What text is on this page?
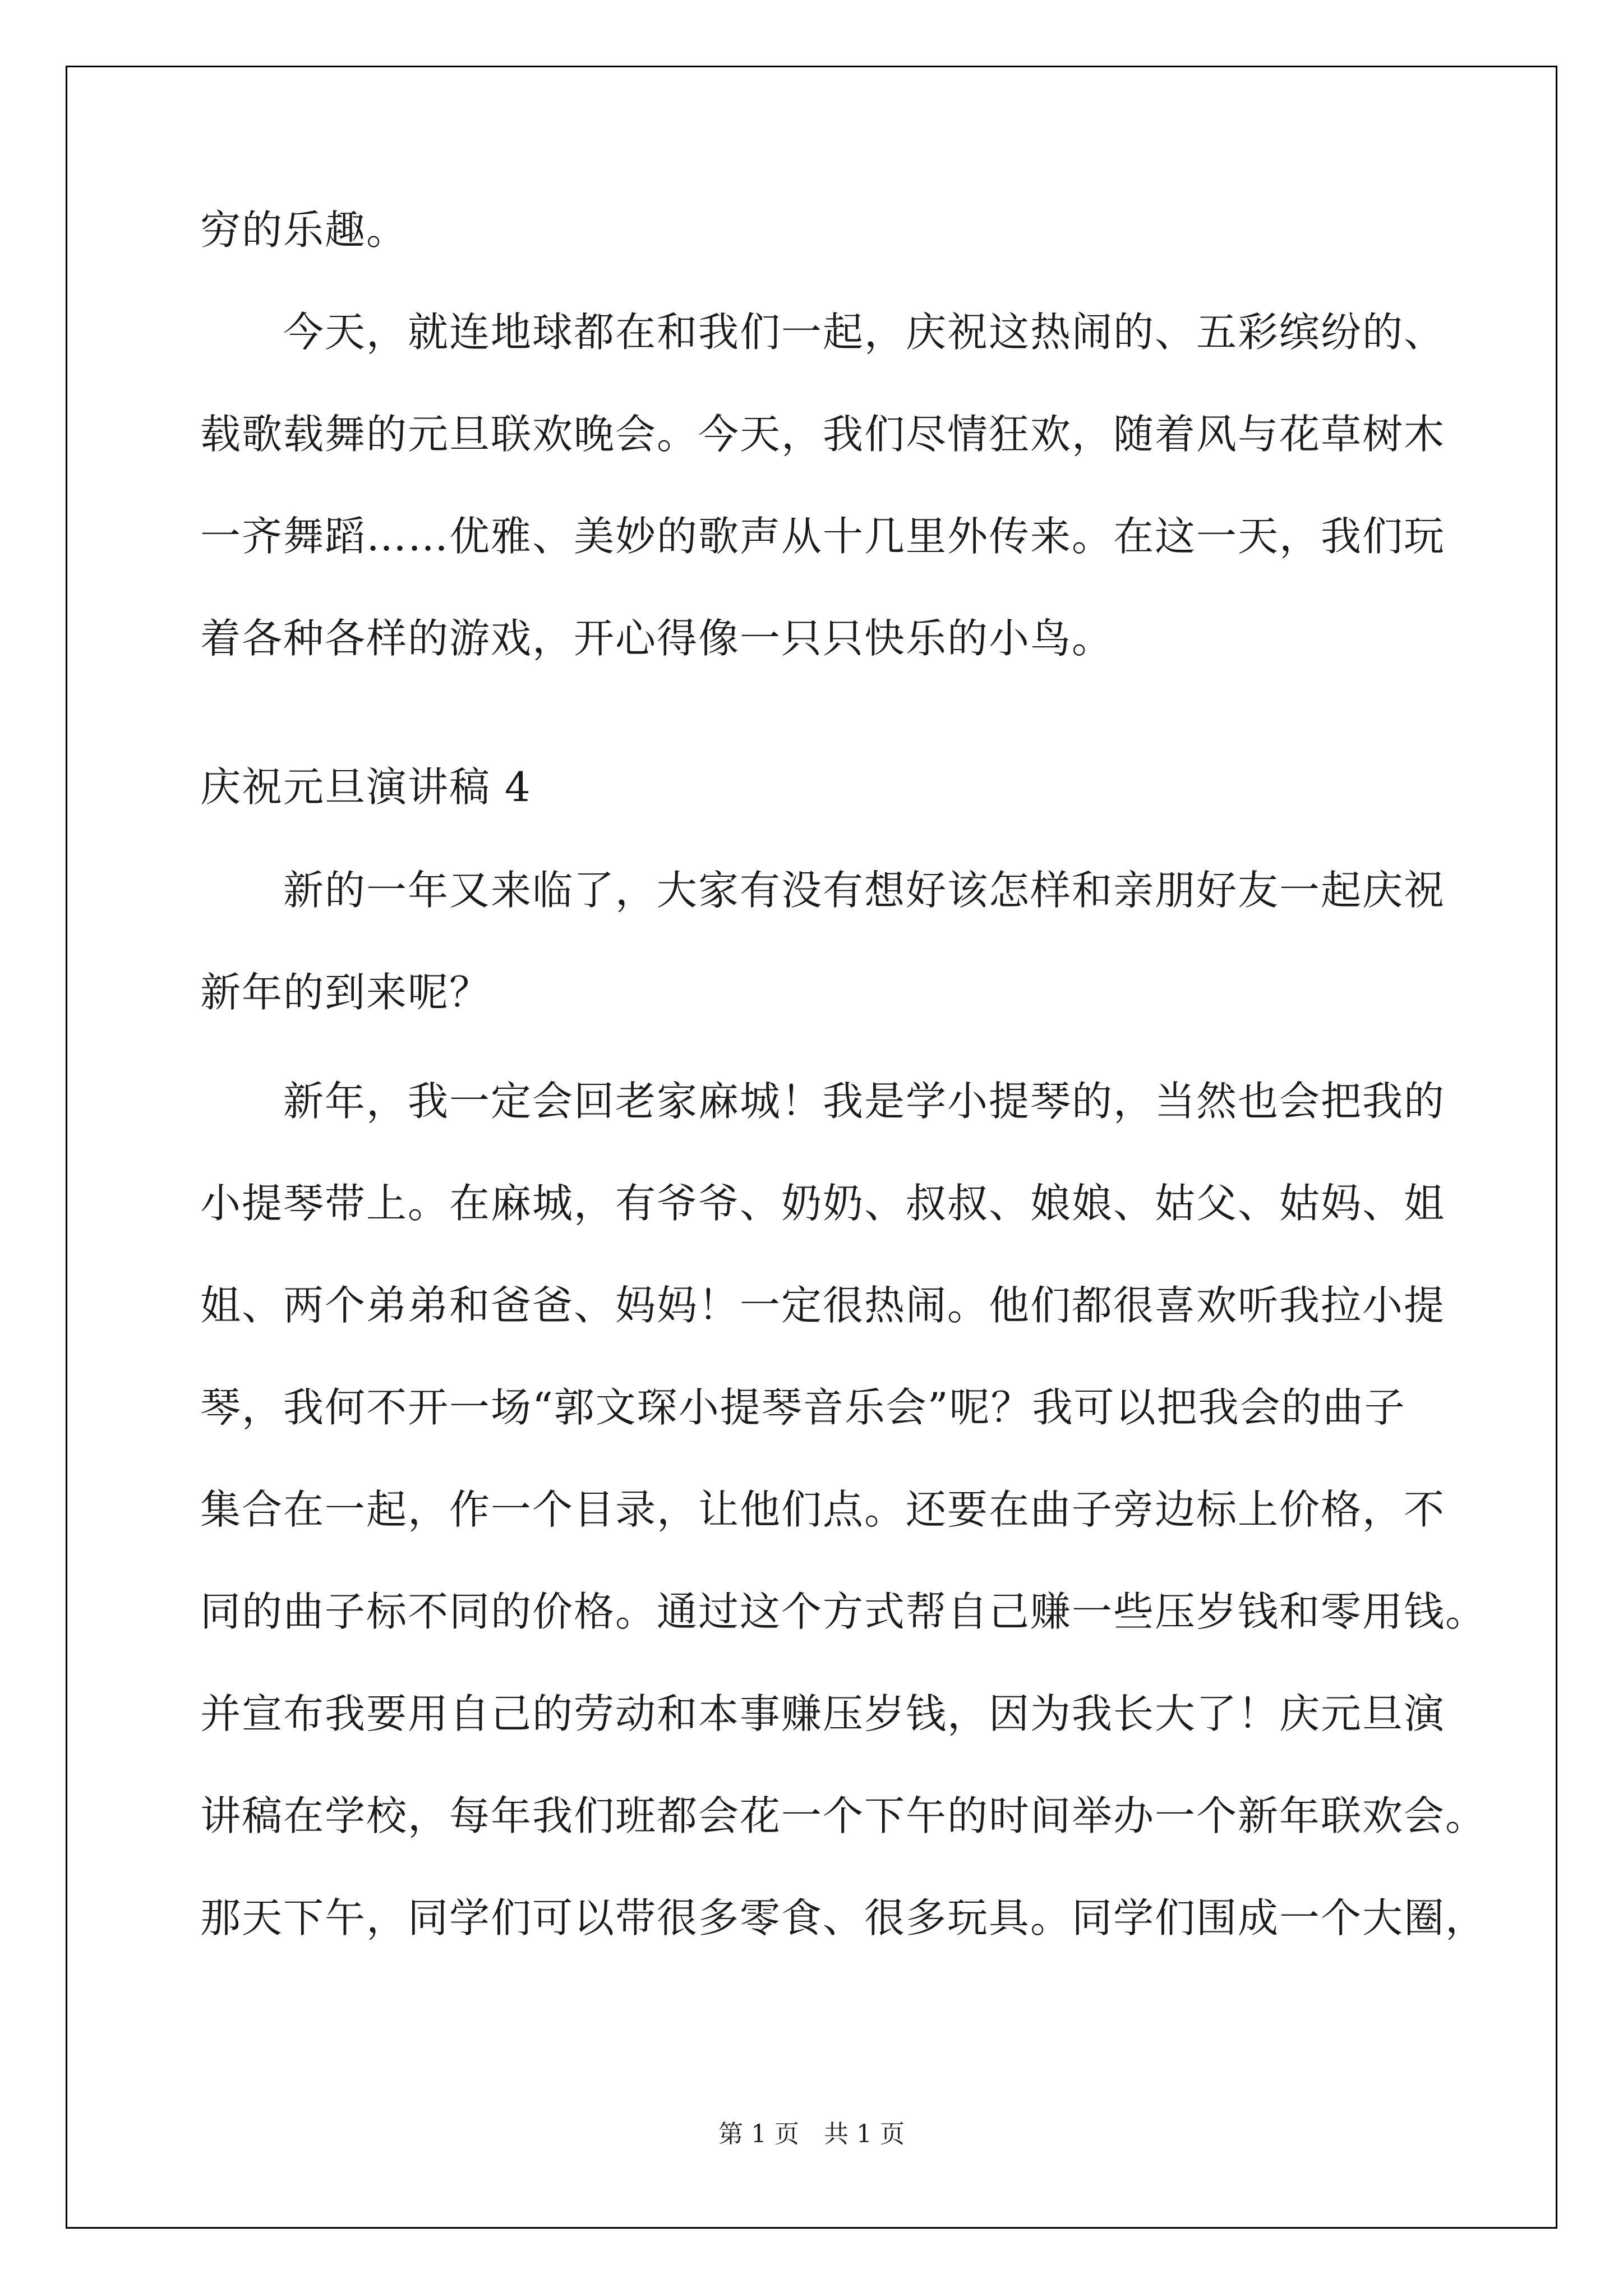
穷的乐趣。
　　今天，就连地球都在和我们一起，庆祝这热闹的、五彩缤纷的、
载歌载舞的元旦联欢晚会。今天，我们尽情狂欢，随着风与花草树木
一齐舞蹈……优雅、美妙的歌声从十几里外传来。在这一天，我们玩
着各种各样的游戏，开心得像一只只快乐的小鸟。
庆祝元旦演讲稿 4
　　新的一年又来临了，大家有没有想好该怎样和亲朋好友一起庆祝
新年的到来呢？
　　新年，我一定会回老家麻城！我是学小提琴的，当然也会把我的
小提琴带上。在麻城，有爷爷、奶奶、叔叔、娘娘、姑父、姑妈、姐
姐、两个弟弟和爸爸、妈妈！一定很热闹。他们都很喜欢听我拉小提
琴，我何不开一场“郭文琛小提琴音乐会”呢？我可以把我会的曲子
集合在一起，作一个目录，让他们点。还要在曲子旁边标上价格，不
同的曲子标不同的价格。通过这个方式帮自己赚一些压岁钱和零用钱。
并宣布我要用自己的劳动和本事赚压岁钱，因为我长大了！庆元旦演
讲稿在学校，每年我们班都会花一个下午的时间举办一个新年联欢会。
那天下午，同学们可以带很多零食、很多玩具。同学们围成一个大圈，
第 1 页　共 1 页
